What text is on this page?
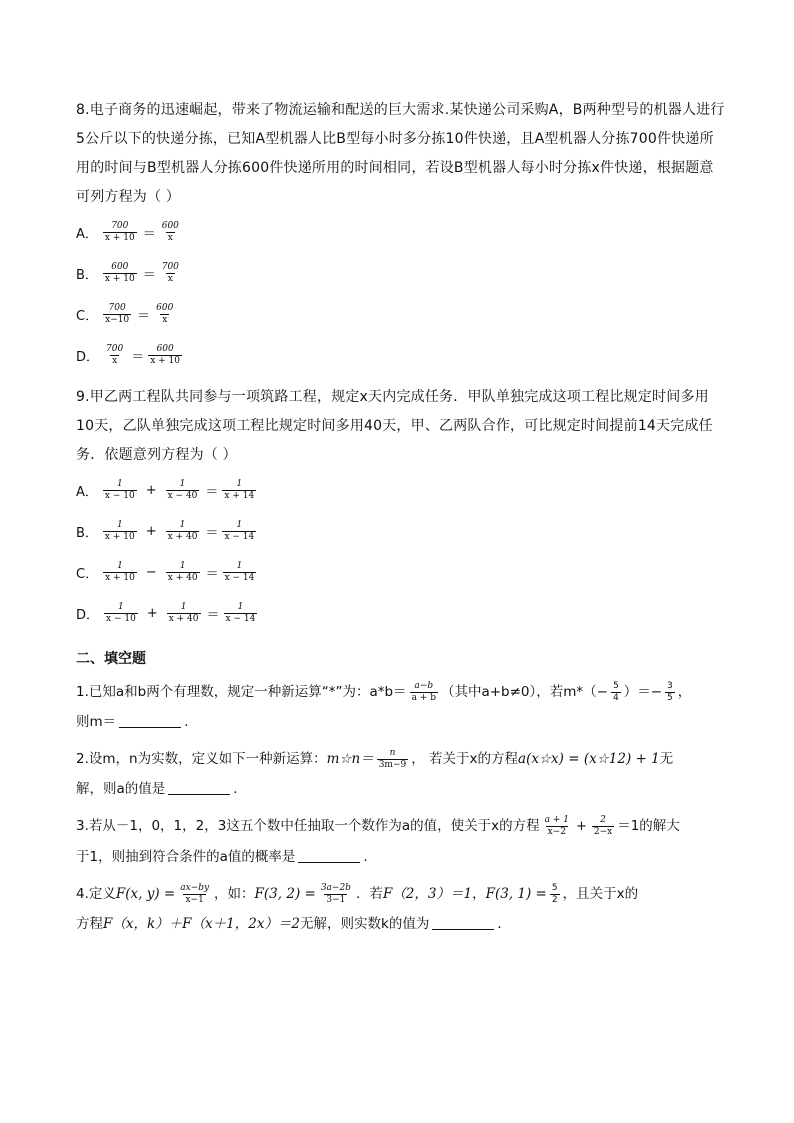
8.电子商务的迅速崛起，带来了物流运输和配送的巨大需求.某快递公司采购A，B两种型号的机器人进行5公斤以下的快递分拣，已知A型机器人比B型每小时多分拣10件快递，且A型机器人分拣700件快递所用的时间与B型机器人分拣600件快递所用的时间相同，若设B型机器人每小时分拣x件快递，根据题意可列方程为（ ）

A． $\frac{700}{x + 10} = \frac{600}{x}$
B． $\frac{600}{x + 10} = \frac{700}{x}$
C． $\frac{700}{x-10} = \frac{600}{x}$
D． $\frac{700}{x} = \frac{600}{x + 10}$

9.甲乙两工程队共同参与一项筑路工程，规定x天内完成任务．甲队单独完成这项工程比规定时间多用10天，乙队单独完成这项工程比规定时间多用40天，甲、乙两队合作，可比规定时间提前14天完成任务．依题意列方程为（ ）

A． $\frac{1}{x - 10} + \frac{1}{x - 40} = \frac{1}{x + 14}$
B． $\frac{1}{x + 10} + \frac{1}{x + 40} = \frac{1}{x - 14}$
C． $\frac{1}{x + 10} - \frac{1}{x + 40} = \frac{1}{x - 14}$
D． $\frac{1}{x - 10} + \frac{1}{x + 40} = \frac{1}{x - 14}$
二、填空题
1.已知a和b两个有理数，规定一种新运算“*”为：$a*b= \frac{a-b}{a + b}$ （其中a+b≠0），若$m*(- \frac{5}{4}$ ）＝− $\frac{3}{5}$ ，
则m＝	.
2.设m，n为实数，定义如下一种新运算：m☆n＝ $\frac{n}{3m-9}$ ， 若关于x的方程a(x☆x) = (x☆12) + 1无
解，则a的值是	．
3.若从－1，0，1，2，3这五个数中任抽取一个数作为a的值，使关于x的方程 $\frac{a + 1}{x-2} + \frac{2}{2-x} =1$的解大
于1，则抽到符合条件的a值的概率是	.
4.定义F(x, $y) = \frac{ax-by}{x-1}$ ，如：F(3, $2) = \frac{3a-2b}{3-1}$ ．若F（2，3）＝1，F(3, $1) = \frac{5}{2}$ ，且关于x的
方程F（x，k）＋F（x＋1，2x）＝2无解，则实数k的值为	．
